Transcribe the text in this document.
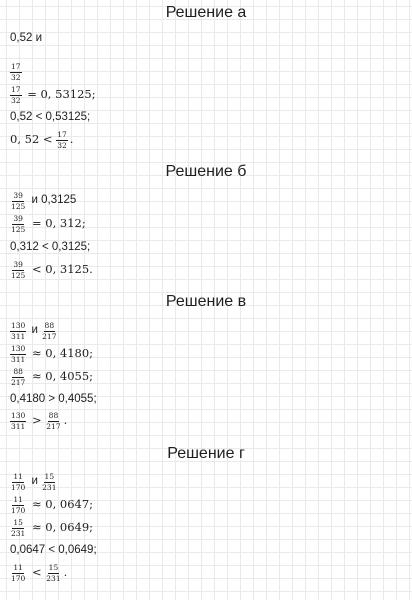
Решение а
0,52 и
$\frac{17}{32}$
$\frac{17}{32} = 0$, 53125;
0,52 < 0,53125;
0, $52 < \frac{17}{32}$ .
Решение б
$\frac{39}{125}$ и 0,3125
$\frac{39}{125} = 0$, 312;
0,312 < 0,3125;
$\frac{39}{125} < 0$, 3125.
Решение в
$\frac{130}{311}$ и $\frac{88}{217}$
$\frac{130}{311} \approx 0$, 4180;
$\frac{88}{217} \approx 0$, 4055;
0,4180 > 0,4055;
$\frac{130}{311} > \frac{88}{217}$ .
Решение г
$\frac{11}{170}$ и $\frac{15}{231}$
$\frac{11}{170} \approx 0$, 0647;
$\frac{15}{231} \approx 0$, 0649;
0,0647 < 0,0649;
$\frac{11}{170} < \frac{15}{231}$ .
